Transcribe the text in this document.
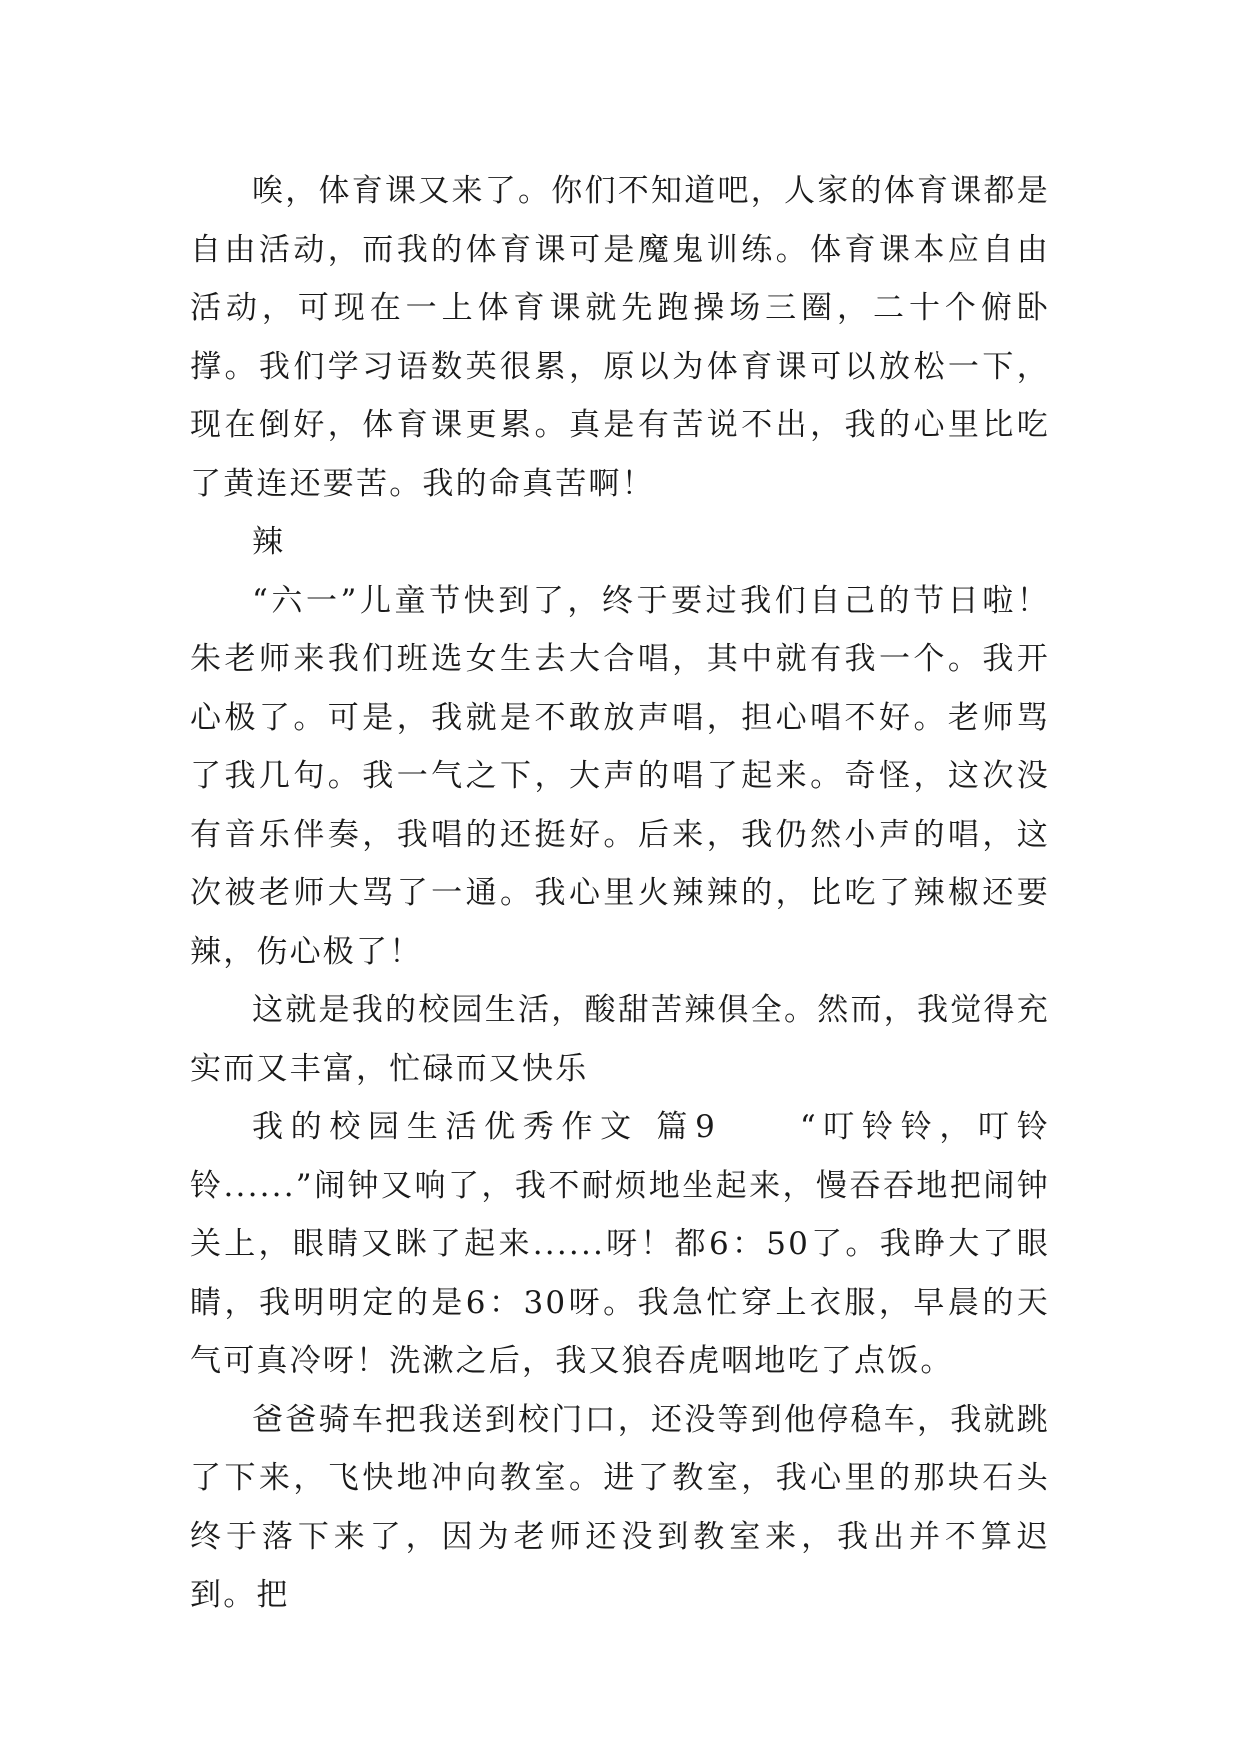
唉，体育课又来了。你们不知道吧，人家的体育课都是自由活动，而我的体育课可是魔鬼训练。体育课本应自由活动，可现在一上体育课就先跑操场三圈，二十个俯卧撑。我们学习语数英很累，原以为体育课可以放松一下，现在倒好，体育课更累。真是有苦说不出，我的心里比吃了黄连还要苦。我的命真苦啊！

辣

“六一”儿童节快到了，终于要过我们自己的节日啦！朱老师来我们班选女生去大合唱，其中就有我一个。我开心极了。可是，我就是不敢放声唱，担心唱不好。老师骂了我几句。我一气之下，大声的唱了起来。奇怪，这次没有音乐伴奏，我唱的还挺好。后来，我仍然小声的唱，这次被老师大骂了一通。我心里火辣辣的，比吃了辣椒还要辣，伤心极了！

这就是我的校园生活，酸甜苦辣俱全。然而，我觉得充实而又丰富，忙碌而又快乐

我的校园生活优秀作文 篇9　　“叮铃铃，叮铃铃......”闹钟又响了，我不耐烦地坐起来，慢吞吞地把闹钟关上，眼睛又眯了起来......呀！都6：50了。我睁大了眼睛，我明明定的是6：30呀。我急忙穿上衣服，早晨的天气可真冷呀！洗漱之后，我又狼吞虎咽地吃了点饭。

爸爸骑车把我送到校门口，还没等到他停稳车，我就跳了下来，飞快地冲向教室。进了教室，我心里的那块石头终于落下来了，因为老师还没到教室来，我出并不算迟到。把
